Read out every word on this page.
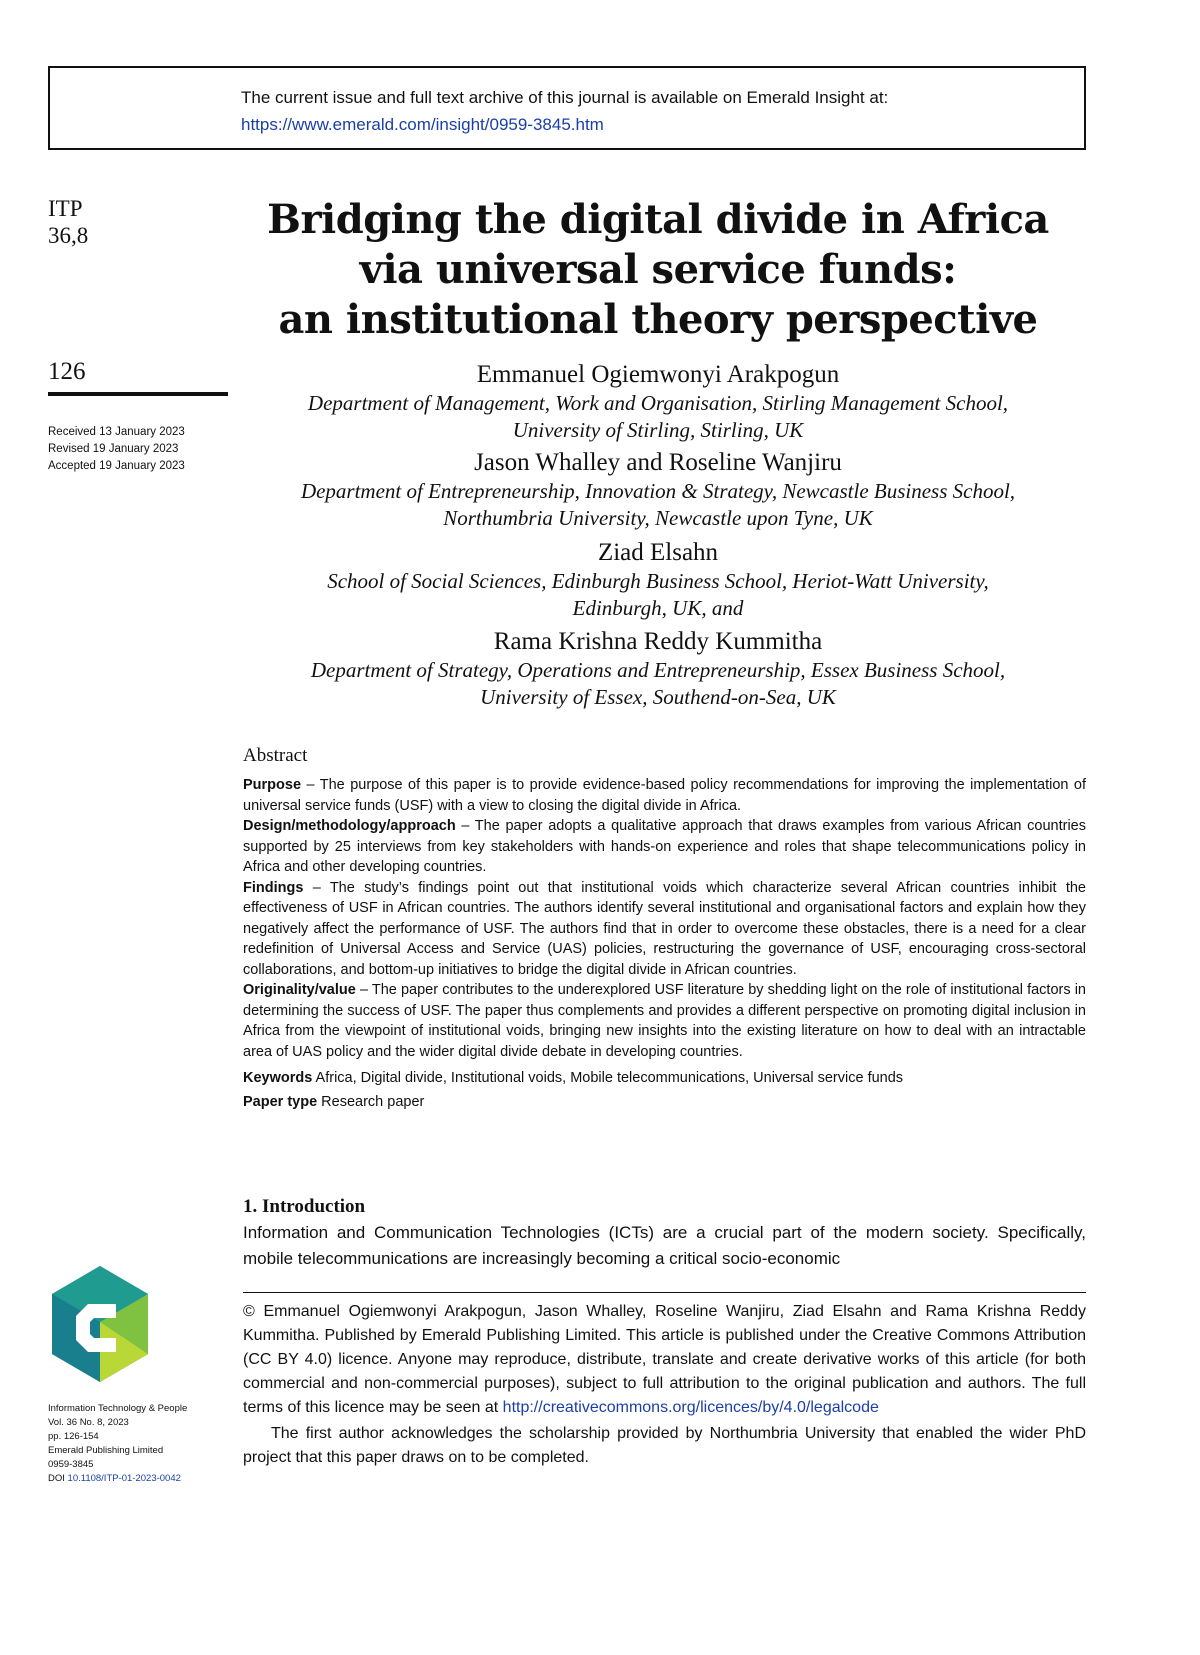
The current issue and full text archive of this journal is available on Emerald Insight at:
https://www.emerald.com/insight/0959-3845.htm
ITP
36,8
126
Received 13 January 2023
Revised 19 January 2023
Accepted 19 January 2023
Bridging the digital divide in Africa
via universal service funds:
an institutional theory perspective
Emmanuel Ogiemwonyi Arakpogun
Department of Management, Work and Organisation, Stirling Management School,
University of Stirling, Stirling, UK
Jason Whalley and Roseline Wanjiru
Department of Entrepreneurship, Innovation & Strategy, Newcastle Business School,
Northumbria University, Newcastle upon Tyne, UK
Ziad Elsahn
School of Social Sciences, Edinburgh Business School, Heriot-Watt University,
Edinburgh, UK, and
Rama Krishna Reddy Kummitha
Department of Strategy, Operations and Entrepreneurship, Essex Business School,
University of Essex, Southend-on-Sea, UK
Abstract

Purpose – The purpose of this paper is to provide evidence-based policy recommendations for improving the implementation of universal service funds (USF) with a view to closing the digital divide in Africa.

Design/methodology/approach – The paper adopts a qualitative approach that draws examples from various African countries supported by 25 interviews from key stakeholders with hands-on experience and roles that shape telecommunications policy in Africa and other developing countries.

Findings – The study’s findings point out that institutional voids which characterize several African countries inhibit the effectiveness of USF in African countries. The authors identify several institutional and organisational factors and explain how they negatively affect the performance of USF. The authors find that in order to overcome these obstacles, there is a need for a clear redefinition of Universal Access and Service (UAS) policies, restructuring the governance of USF, encouraging cross-sectoral collaborations, and bottom-up initiatives to bridge the digital divide in African countries.

Originality/value – The paper contributes to the underexplored USF literature by shedding light on the role of institutional factors in determining the success of USF. The paper thus complements and provides a different perspective on promoting digital inclusion in Africa from the viewpoint of institutional voids, bringing new insights into the existing literature on how to deal with an intractable area of UAS policy and the wider digital divide debate in developing countries.

Keywords Africa, Digital divide, Institutional voids, Mobile telecommunications, Universal service funds
Paper type Research paper
1. Introduction

Information and Communication Technologies (ICTs) are a crucial part of the modern society. Specifically, mobile telecommunications are increasingly becoming a critical socio-economic

© Emmanuel Ogiemwonyi Arakpogun, Jason Whalley, Roseline Wanjiru, Ziad Elsahn and Rama Krishna Reddy Kummitha. Published by Emerald Publishing Limited. This article is published under the Creative Commons Attribution (CC BY 4.0) licence. Anyone may reproduce, distribute, translate and create derivative works of this article (for both commercial and non-commercial purposes), subject to full attribution to the original publication and authors. The full terms of this licence may be seen at http://creativecommons.org/licences/by/4.0/legalcode
The first author acknowledges the scholarship provided by Northumbria University that enabled the wider PhD project that this paper draws on to be completed.
Information Technology & People
Vol. 36 No. 8, 2023
pp. 126-154
Emerald Publishing Limited
0959-3845
DOI 10.1108/ITP-01-2023-0042
